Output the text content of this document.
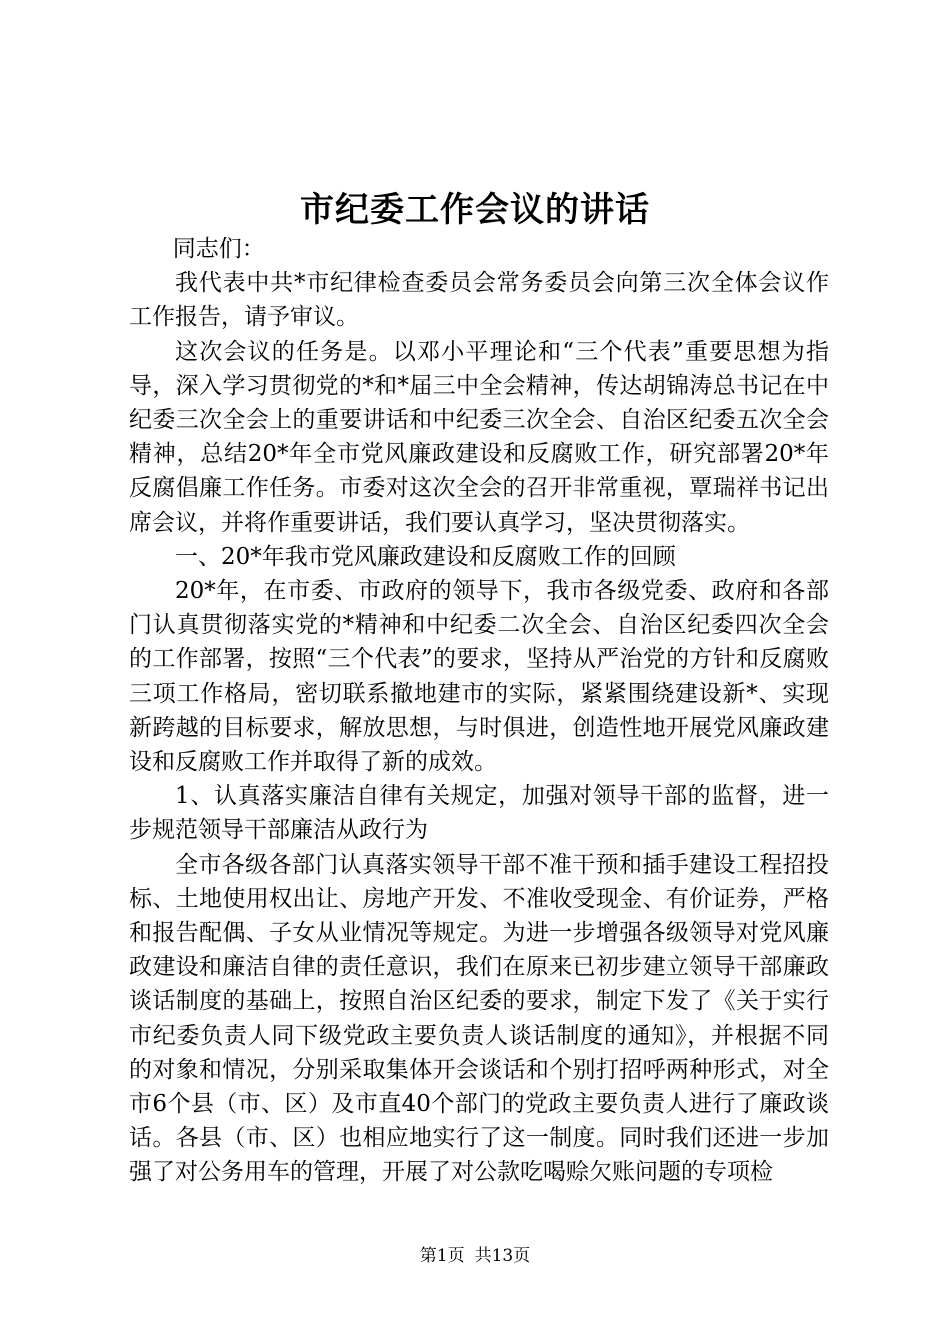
市纪委工作会议的讲话

同志们：

我代表中共*市纪律检查委员会常务委员会向第三次全体会议作工作报告，请予审议。

这次会议的任务是。以邓小平理论和“三个代表”重要思想为指导，深入学习贯彻党的*和*届三中全会精神，传达胡锦涛总书记在中纪委三次全会上的重要讲话和中纪委三次全会、自治区纪委五次全会精神，总结20*年全市党风廉政建设和反腐败工作，研究部署20*年反腐倡廉工作任务。市委对这次全会的召开非常重视，覃瑞祥书记出席会议，并将作重要讲话，我们要认真学习，坚决贯彻落实。

一、20*年我市党风廉政建设和反腐败工作的回顾

20*年，在市委、市政府的领导下，我市各级党委、政府和各部门认真贯彻落实党的*精神和中纪委二次全会、自治区纪委四次全会的工作部署，按照“三个代表”的要求，坚持从严治党的方针和反腐败三项工作格局，密切联系撤地建市的实际，紧紧围绕建设新*、实现新跨越的目标要求，解放思想，与时俱进，创造性地开展党风廉政建设和反腐败工作并取得了新的成效。

1、认真落实廉洁自律有关规定，加强对领导干部的监督，进一步规范领导干部廉洁从政行为

全市各级各部门认真落实领导干部不准干预和插手建设工程招投标、土地使用权出让、房地产开发、不准收受现金、有价证券，严格和报告配偶、子女从业情况等规定。为进一步增强各级领导对党风廉政建设和廉洁自律的责任意识，我们在原来已初步建立领导干部廉政谈话制度的基础上，按照自治区纪委的要求，制定下发了《关于实行市纪委负责人同下级党政主要负责人谈话制度的通知》，并根据不同的对象和情况，分别采取集体开会谈话和个别打招呼两种形式，对全市6个县（市、区）及市直40个部门的党政主要负责人进行了廉政谈话。各县（市、区）也相应地实行了这一制度。同时我们还进一步加强了对公务用车的管理，开展了对公款吃喝赊欠账问题的专项检

第1页 共13页
